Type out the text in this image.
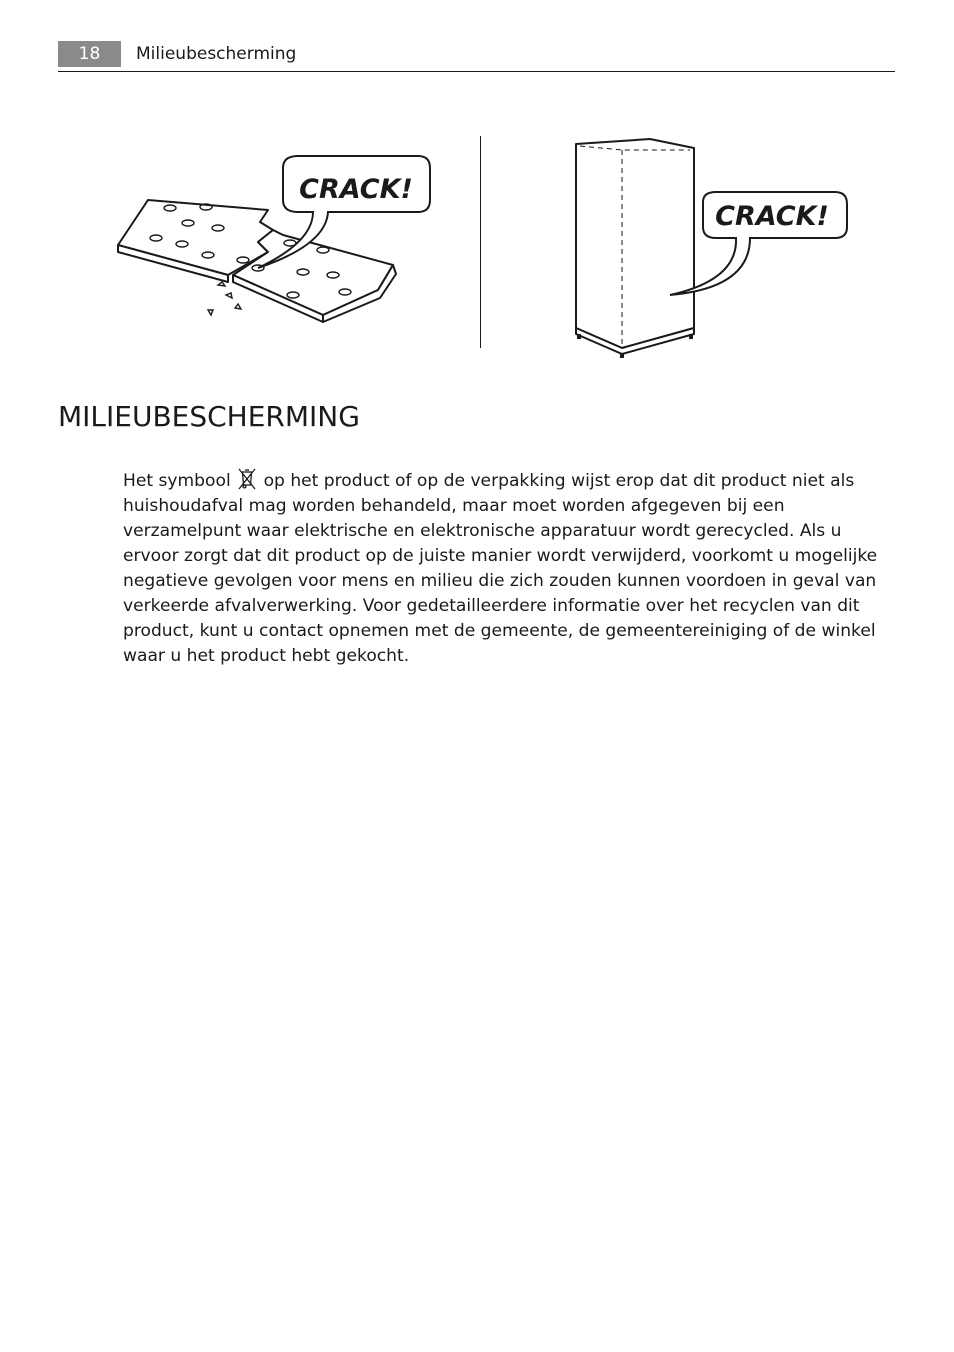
18	Milieubescherming
CRACK!
CRACK!
MILIEUBESCHERMING

Het symbool op het product of op de verpakking wijst erop dat dit product niet als huishoudafval mag worden behandeld, maar moet worden afgegeven bij een verzamelpunt waar elektrische en elektronische apparatuur wordt gerecycled. Als u ervoor zorgt dat dit product op de juiste manier wordt verwijderd, voorkomt u mogelijke negatieve gevolgen voor mens en milieu die zich zouden kunnen voordoen in geval van verkeerde afvalverwerking. Voor gedetailleerdere informatie over het recyclen van dit product, kunt u contact opnemen met de gemeente, de gemeentereiniging of de winkel waar u het product hebt gekocht.
